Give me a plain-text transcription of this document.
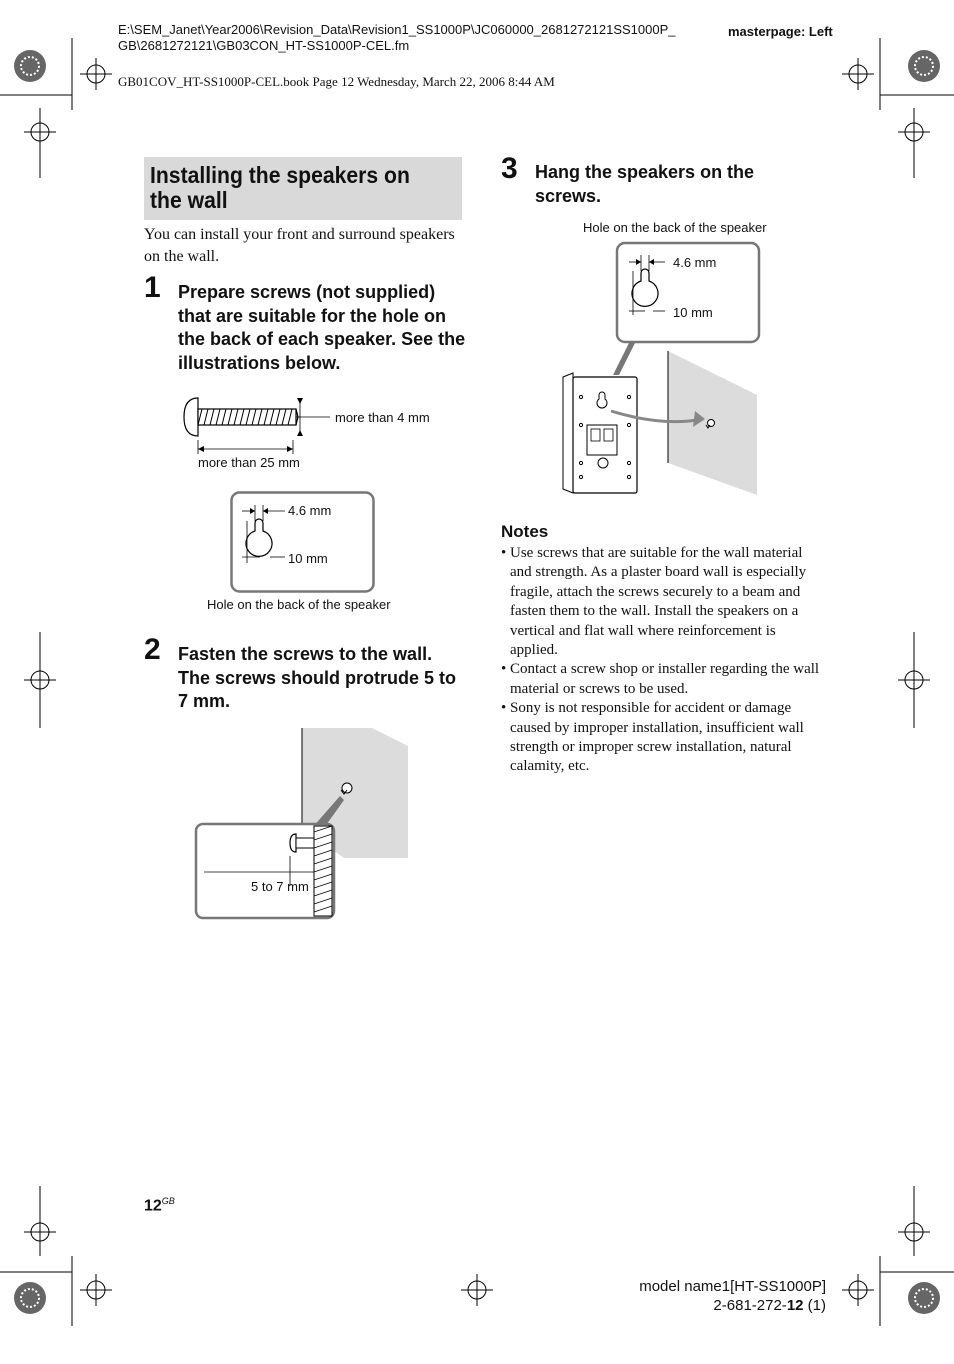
E:\SEM_Janet\Year2006\Revision_Data\Revision1_SS1000P\JC060000_2681272121SS1000P_
GB\2681272121\GB03CON_HT-SS1000P-CEL.fm
masterpage: Left
GB01COV_HT-SS1000P-CEL.book Page 12 Wednesday, March 22, 2006 8:44 AM
Installing the speakers on the wall
You can install your front and surround speakers on the wall.
1 Prepare screws (not supplied) that are suitable for the hole on the back of each speaker. See the illustrations below.
more than 4 mm
more than 25 mm
4.6 mm
10 mm
Hole on the back of the speaker
2 Fasten the screws to the wall. The screws should protrude 5 to 7 mm.
5 to 7 mm
3 Hang the speakers on the screws.
Hole on the back of the speaker
4.6 mm
10 mm
Notes
• Use screws that are suitable for the wall material and strength. As a plaster board wall is especially fragile, attach the screws securely to a beam and fasten them to the wall. Install the speakers on a vertical and flat wall where reinforcement is applied.
• Contact a screw shop or installer regarding the wall material or screws to be used.
• Sony is not responsible for accident or damage caused by improper installation, insufficient wall strength or improper screw installation, natural calamity, etc.
$12^{GB}$
model name1[HT-SS1000P]
2-681-272-12 (1)
